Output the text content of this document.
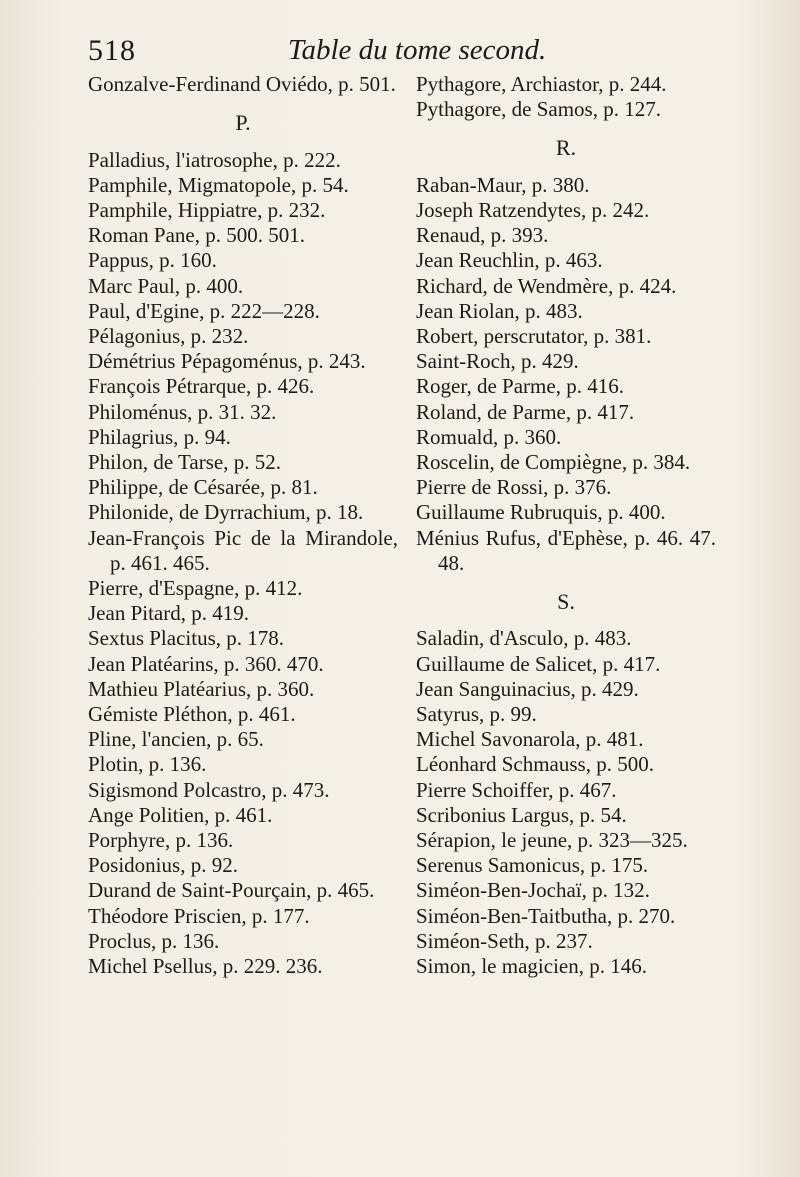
518	Table du tome second.
Gonzalve-Ferdinand Oviédo, p. 501.
P.
Palladius, l'iatrosophe, p. 222.
Pamphile, Migmatopole, p. 54.
Pamphile, Hippiatre, p. 232.
Roman Pane, p. 500. 501.
Pappus, p. 160.
Marc Paul, p. 400.
Paul, d'Egine, p. 222—228.
Pélagonius, p. 232.
Démétrius Pépagoménus, p. 243.
François Pétrarque, p. 426.
Philoménus, p. 31. 32.
Philagrius, p. 94.
Philon, de Tarse, p. 52.
Philippe, de Césarée, p. 81.
Philonide, de Dyrrachium, p. 18.
Jean-François Pic de la Mirandole, p. 461. 465.
Pierre, d'Espagne, p. 412.
Jean Pitard, p. 419.
Sextus Placitus, p. 178.
Jean Platéarins, p. 360. 470.
Mathieu Platéarius, p. 360.
Gémiste Pléthon, p. 461.
Pline, l'ancien, p. 65.
Plotin, p. 136.
Sigismond Polcastro, p. 473.
Ange Politien, p. 461.
Porphyre, p. 136.
Posidonius, p. 92.
Durand de Saint-Pourçain, p. 465.
Théodore Priscien, p. 177.
Proclus, p. 136.
Michel Psellus, p. 229. 236.
Pythagore, Archiastor, p. 244.
Pythagore, de Samos, p. 127.
R.
Raban-Maur, p. 380.
Joseph Ratzendytes, p. 242.
Renaud, p. 393.
Jean Reuchlin, p. 463.
Richard, de Wendmère, p. 424.
Jean Riolan, p. 483.
Robert, perscrutator, p. 381.
Saint-Roch, p. 429.
Roger, de Parme, p. 416.
Roland, de Parme, p. 417.
Romuald, p. 360.
Roscelin, de Compiègne, p. 384.
Pierre de Rossi, p. 376.
Guillaume Rubruquis, p. 400.
Ménius Rufus, d'Ephèse, p. 46. 47. 48.
S.
Saladin, d'Asculo, p. 483.
Guillaume de Salicet, p. 417.
Jean Sanguinacius, p. 429.
Satyrus, p. 99.
Michel Savonarola, p. 481.
Léonhard Schmauss, p. 500.
Pierre Schoiffer, p. 467.
Scribonius Largus, p. 54.
Sérapion, le jeune, p. 323—325.
Serenus Samonicus, p. 175.
Siméon-Ben-Jochaï, p. 132.
Siméon-Ben-Taitbutha, p. 270.
Siméon-Seth, p. 237.
Simon, le magicien, p. 146.
